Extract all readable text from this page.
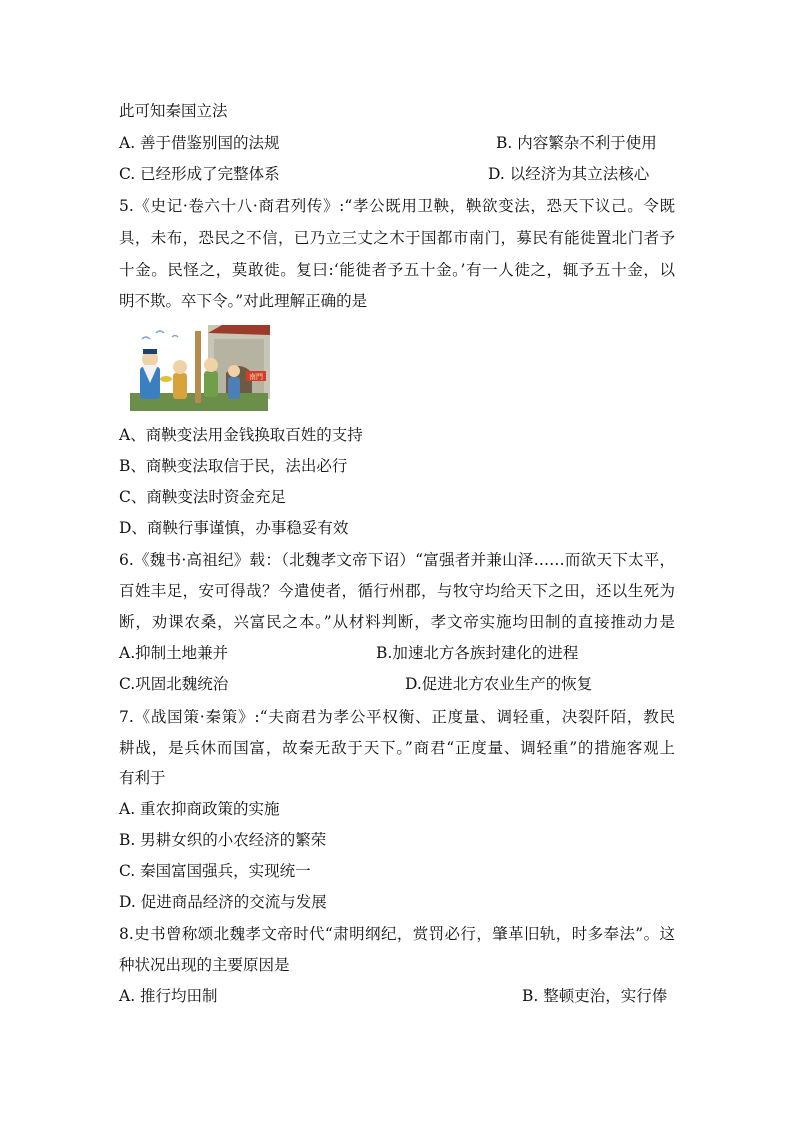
此可知秦国立法
A. 善于借鉴别国的法规	B. 内容繁杂不利于使用
C. 已经形成了完整体系	D. 以经济为其立法核心
5.《史记·卷六十八·商君列传》:“孝公既用卫鞅，鞅欲变法，恐天下议己。令既
具，未布，恐民之不信，已乃立三丈之木于国都市南门，募民有能徙置北门者予
十金。民怪之，莫敢徙。复曰:‘能徙者予五十金。’有一人徙之，辄予五十金，以
明不欺。卒下令。”对此理解正确的是
南門
A、商鞅变法用金钱换取百姓的支持
B、商鞅变法取信于民，法出必行
C、商鞅变法时资金充足
D、商鞅行事谨慎，办事稳妥有效
6.《魏书·高祖纪》载：（北魏孝文帝下诏）“富强者并兼山泽……而欲天下太平，
百姓丰足，安可得哉？今遣使者，循行州郡，与牧守均给天下之田，还以生死为
断，劝课农桑，兴富民之本。”从材料判断，孝文帝实施均田制的直接推动力是
A.抑制土地兼并	B.加速北方各族封建化的进程
C.巩固北魏统治	D.促进北方农业生产的恢复
7.《战国策·秦策》:“夫商君为孝公平权衡、正度量、调轻重，决裂阡陌，教民
耕战，是兵休而国富，故秦无敌于天下。”商君“正度量、调轻重”的措施客观上
有利于
A. 重农抑商政策的实施
B. 男耕女织的小农经济的繁荣
C. 秦国富国强兵，实现统一
D. 促进商品经济的交流与发展
8.史书曾称颂北魏孝文帝时代“肃明纲纪，赏罚必行，肇革旧轨，时多奉法”。这
种状况出现的主要原因是
A. 推行均田制	B. 整顿吏治，实行俸
